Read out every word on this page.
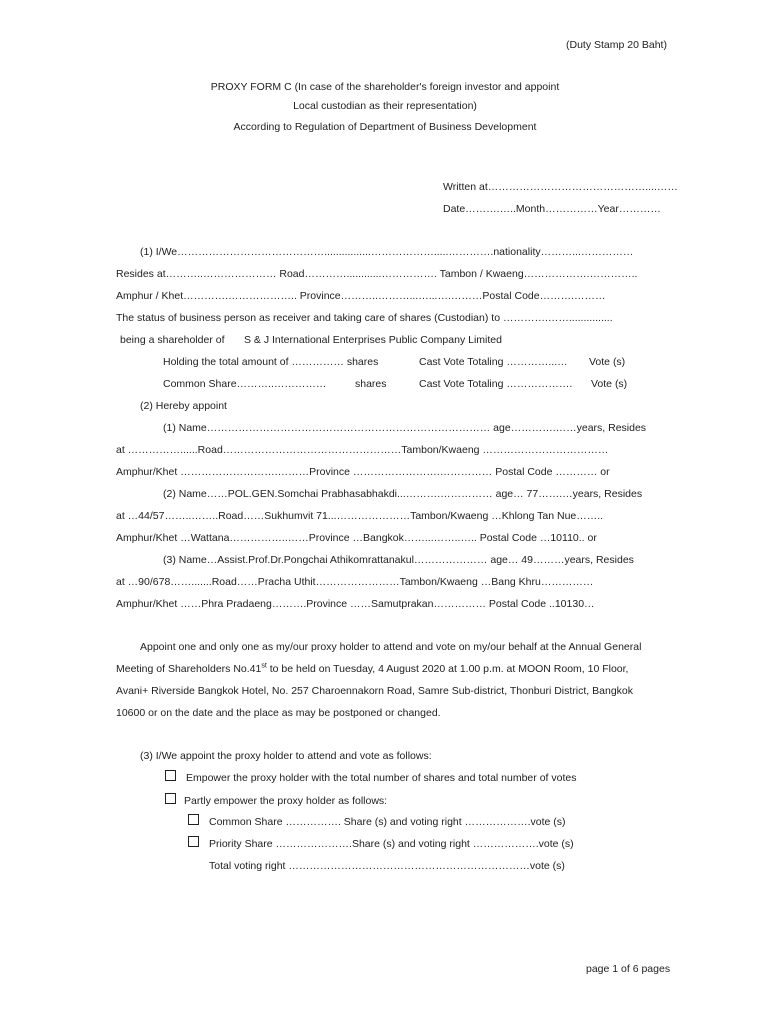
(Duty Stamp 20 Baht)
PROXY FORM C (In case of the shareholder's foreign investor and appoint
Local custodian as their representation)
According to Regulation of Department of Business Development
Written at………………………………………....……
Date……….…..Month……………Year…………
(1) I/We……………………………………................……………….....………….nationality………...……………
Resides at………..………………… Road…………............……………. Tambon / Kwaeng……………….…………..
Amphur / Khet………….……………….. Province………..………...…...….………Postal Code……….………
The status of business person as receiver and taking care of shares (Custodian) to ………….……...............
being a shareholder of S & J International Enterprises Public Company Limited
Holding the total amount of …………… shares	Cast Vote Totaling …………...… Vote (s)
Common Share………..……………	shares	Cast Vote Totaling ………………. Vote (s)
(2) Hereby appoint
(1) Name……………………………………………………………………… age………….……years, Resides
at ……………......Road……………………………………………Tambon/Kwaeng ………………………………
Amphur/Khet ……………………….………Province …………………….…………… Postal Code ………… or
(2) Name……POL.GEN.Somchai Prabhasabhakdi...……….…………… age… 77…….…years, Resides
at …44/57……..……..Road……Sukhumvit 71...…………………Tambon/Kwaeng …Khlong Tan Nue……..
Amphur/Khet …Wattana……………..……Province …Bangkok……...……..….. Postal Code …10110.. or
(3) Name…Assist.Prof.Dr.Pongchai Athikomrattanakul………………… age… 49………years, Resides
at …90/678…….......Road……Pracha Uthit……………………Tambon/Kwaeng …Bang Khru……………
Amphur/Khet ……Phra Pradaeng……….Province ……Samutprakan…………… Postal Code ..10130…
Appoint one and only one as my/our proxy holder to attend and vote on my/our behalf at the Annual General
Meeting of Shareholders No.41st to be held on Tuesday, 4 August 2020 at 1.00 p.m. at MOON Room, 10 Floor,
Avani+ Riverside Bangkok Hotel, No. 257 Charoennakorn Road, Samre Sub-district, Thonburi District, Bangkok
10600 or on the date and the place as may be postponed or changed.
(3) I/We appoint the proxy holder to attend and vote as follows:
Empower the proxy holder with the total number of shares and total number of votes
Partly empower the proxy holder as follows:
Common Share ……………. Share (s) and voting right ……………….vote (s)
Priority Share ………………….Share (s) and voting right ……………….vote (s)
Total voting right ……………………………………………………………vote (s)
page 1 of 6 pages
